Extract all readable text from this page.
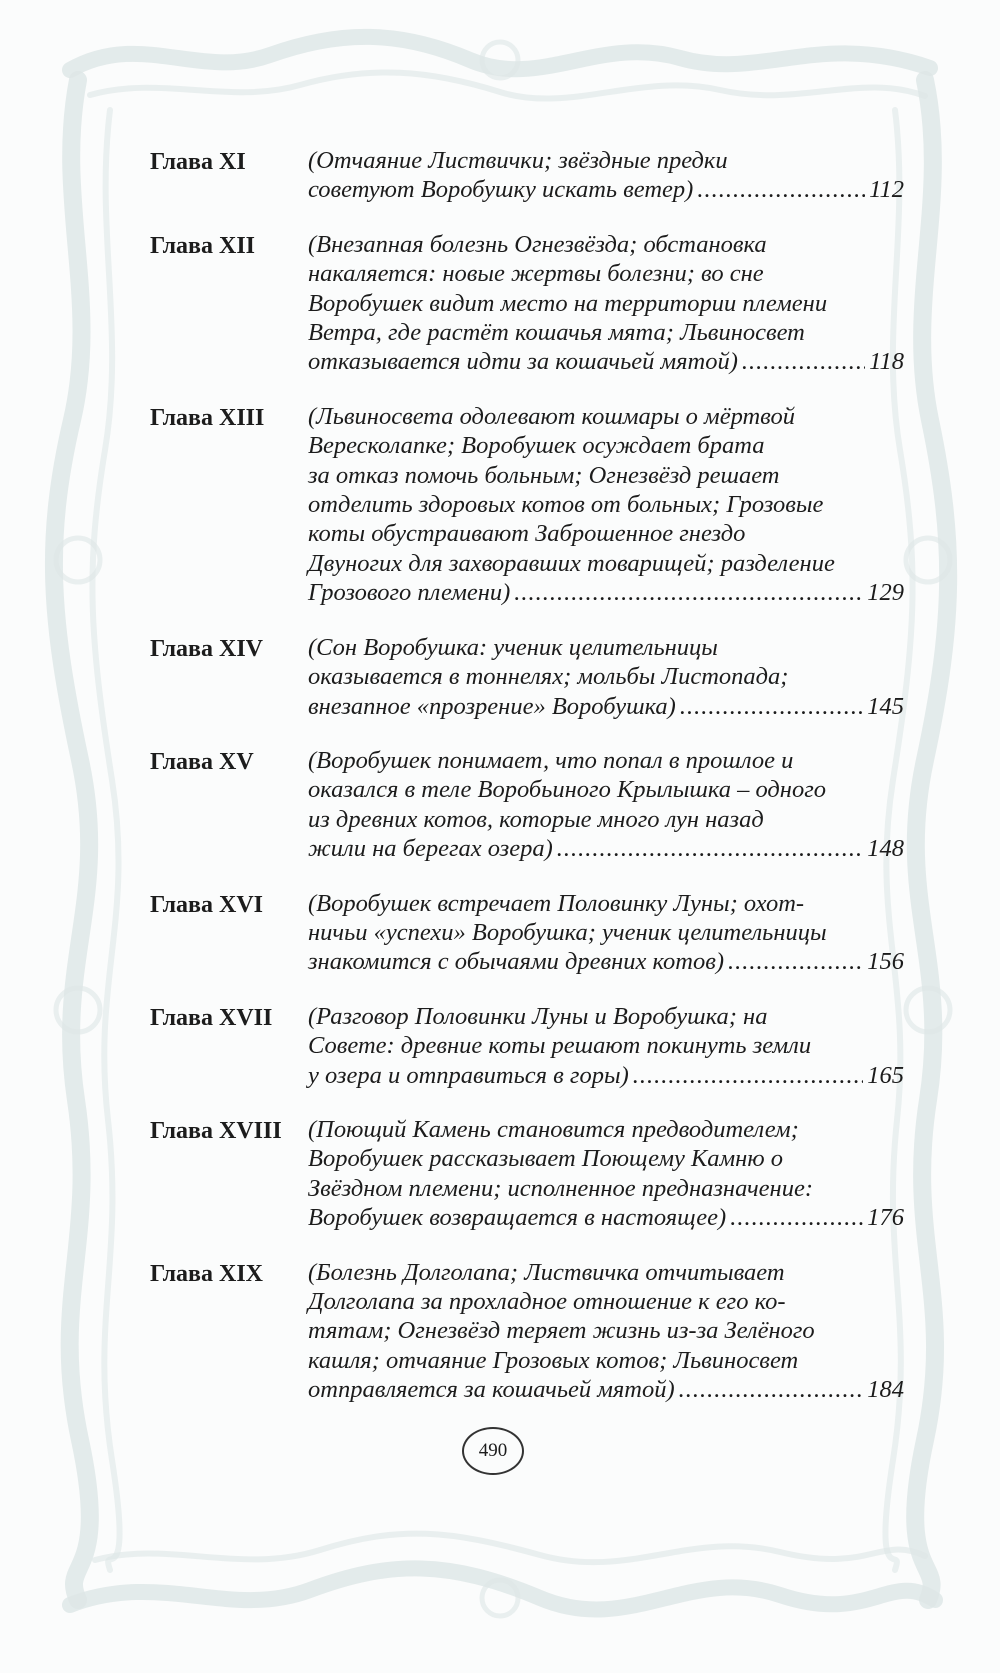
Глава XI	(Отчаяние Листвички; звёздные предки
советуют Воробушку искать ветер) .....	112
Глава XII (Внезапная болезнь Огнезвёзда; обстановка
накаляется: новые жертвы болезни; во сне
Воробушек видит место на территории племени
Ветра, где растёт кошачья мята; Львиносвет
отказывается идти за кошачьей мятой) .....	118
Глава XIII (Львиносвета одолевают кошмары о мёртвой
Вересколапке; Воробушек осуждает брата
за отказ помочь больным; Огнезвёзд решает
отделить здоровых котов от больных; Грозовые
коты обустраивают Заброшенное гнездо
Двуногих для захворавших товарищей; разделение
Грозового племени) .....	129
Глава XIV (Сон Воробушка: ученик целительницы
оказывается в тоннелях; мольбы Листопада;
внезапное «прозрение» Воробушка) .....	145
Глава XV (Воробушек понимает, что попал в прошлое и
оказался в теле Воробьиного Крылышка – одного
из древних котов, которые много лун назад
жили на берегах озера) .....	148
Глава XVI (Воробушек встречает Половинку Луны; охот-
ничьи «успехи» Воробушка; ученик целительницы
знакомится с обычаями древних котов) .....	156
Глава XVII (Разговор Половинки Луны и Воробушка; на
Совете: древние коты решают покинуть земли
у озера и отправиться в горы) .....	165
Глава XVIII (Поющий Камень становится предводителем;
Воробушек рассказывает Поющему Камню о
Звёздном племени; исполненное предназначение:
Воробушек возвращается в настоящее) .....	176
Глава XIX (Болезнь Долголапа; Листвичка отчитывает
Долголапа за прохладное отношение к его ко-
тятам; Огнезвёзд теряет жизнь из-за Зелёного
кашля; отчаяние Грозовых котов; Львиносвет
отправляется за кошачьей мятой) .....	184
490
